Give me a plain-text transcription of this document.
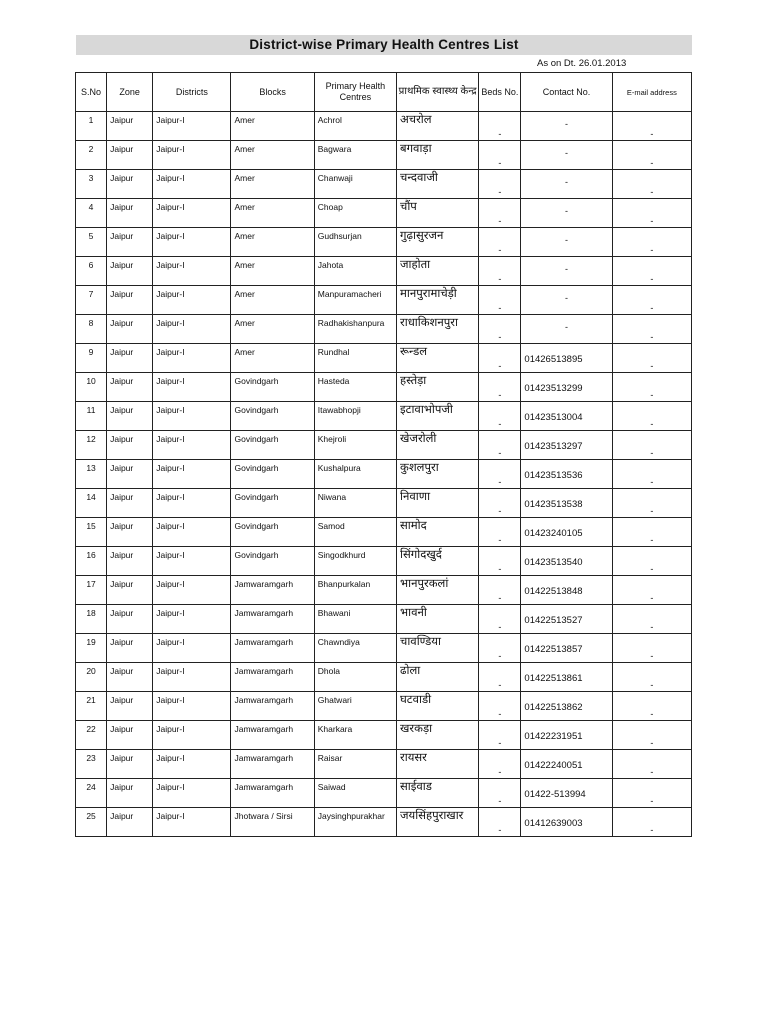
District-wise Primary Health Centres List
As on Dt. 26.01.2013
S.No	Zone	Districts	Blocks	Primary Health Centres	प्राथमिक स्वास्थ्य केन्द्र	Beds No.	Contact No.	E-mail address

1	Jaipur	Jaipur-I	Amer	Achrol	अचरोल	-	-	-

2	Jaipur	Jaipur-I	Amer	Bagwara	बगवाड़ा	-	-	-

3	Jaipur	Jaipur-I	Amer	Chanwaji	चन्दवाजी	-	-	-

4	Jaipur	Jaipur-I	Amer	Choap	चौंप	-	-	-

5	Jaipur	Jaipur-I	Amer	Gudhsurjan	गुढ़ासुरजन	-	-	-

6	Jaipur	Jaipur-I	Amer	Jahota	जाहोता	-	-	-

7	Jaipur	Jaipur-I	Amer	Manpuramacheri	मानपुरामाचेड़ी	-	-	-

8	Jaipur	Jaipur-I	Amer	Radhakishanpura	राधाकिशनपुरा	-	-	-

9	Jaipur	Jaipur-I	Amer	Rundhal	रून्डल	-	01426513895	-

10	Jaipur	Jaipur-I	Govindgarh	Hasteda	हस्तेड़ा	-	01423513299	-

11	Jaipur	Jaipur-I	Govindgarh	Itawabhopji	इटावाभोपजी	-	01423513004	-

12	Jaipur	Jaipur-I	Govindgarh	Khejroli	खेजरोली	-	01423513297	-

13	Jaipur	Jaipur-I	Govindgarh	Kushalpura	कुशलपुरा	-	01423513536	-

14	Jaipur	Jaipur-I	Govindgarh	Niwana	निवाणा	-	01423513538	-

15	Jaipur	Jaipur-I	Govindgarh	Samod	सामोद	-	01423240105	-

16	Jaipur	Jaipur-I	Govindgarh	Singodkhurd	सिंगोदखुर्द	-	01423513540	-

17	Jaipur	Jaipur-I	Jamwaramgarh	Bhanpurkalan	भानपुरकलां	-	01422513848	-

18	Jaipur	Jaipur-I	Jamwaramgarh	Bhawani	भावनी	-	01422513527	-

19	Jaipur	Jaipur-I	Jamwaramgarh	Chawndiya	चावण्डिया	-	01422513857	-

20	Jaipur	Jaipur-I	Jamwaramgarh	Dhola	ढोला	-	01422513861	-

21	Jaipur	Jaipur-I	Jamwaramgarh	Ghatwari	घटवाडी	-	01422513862	-

22	Jaipur	Jaipur-I	Jamwaramgarh	Kharkara	खरकड़ा	-	01422231951	-

23	Jaipur	Jaipur-I	Jamwaramgarh	Raisar	रायसर	-	01422240051	-

24	Jaipur	Jaipur-I	Jamwaramgarh	Saiwad	साईवाड	-	01422-513994	-

25	Jaipur	Jaipur-I	Jhotwara / Sirsi	Jaysinghpurakhar	जयसिंहपुराखार	-	01412639003	-
